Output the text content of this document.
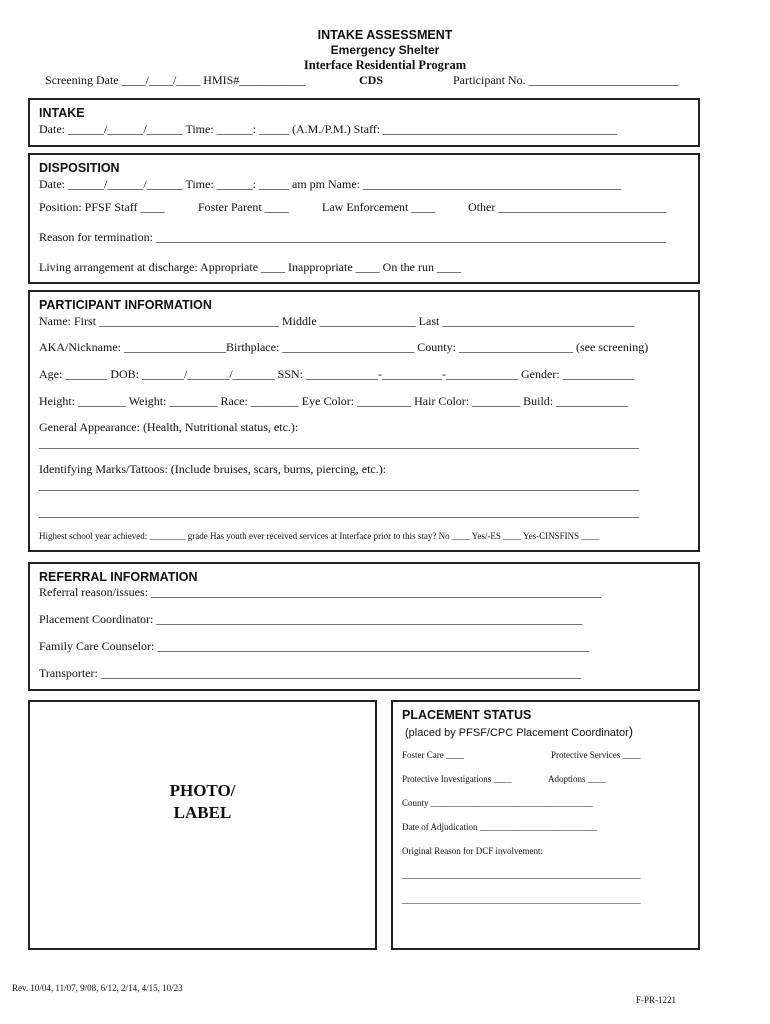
INTAKE ASSESSMENT
Emergency Shelter
Interface Residential Program
Screening Date ____/____/____ HMIS#___________	CDS	Participant No. _________________________
INTAKE
Date: ______/______/______ Time: ______: _____ (A.M./P.M.) Staff: _______________________________________
DISPOSITION
Date: ______/______/______ Time: ______: _____ am pm Name: ___________________________________________
Position: PFSF Staff ____	Foster Parent ____	Law Enforcement ____	Other ____________________________
Reason for termination: _____________________________________________________________________________________
Living arrangement at discharge: Appropriate ____ Inappropriate ____ On the run ____
PARTICIPANT INFORMATION
Name: First ______________________________ Middle ________________ Last ________________________________
AKA/Nickname: _________________Birthplace: ______________________ County: ___________________ (see screening)
Age: _______ DOB: _______/_______/_______ SSN: ____________-__________-____________ Gender: ____________
Height: ________ Weight: ________ Race: ________ Eye Color: _________ Hair Color: ________ Build: ____________
General Appearance: (Health, Nutritional status, etc.):
____________________________________________________________________________________________________
Identifying Marks/Tattoos: (Include bruises, scars, burns, piercing, etc.):
____________________________________________________________________________________________________
____________________________________________________________________________________________________
Highest school year achieved: ________ grade Has youth ever received services at Interface prior to this stay? No ____ Yes/-ES ____ Yes-CINSFINS ____
REFERRAL INFORMATION
Referral reason/issues: ___________________________________________________________________________
Placement Coordinator: _______________________________________________________________________
Family Care Counselor: ________________________________________________________________________
Transporter: ________________________________________________________________________________
PHOTO/
LABEL
PLACEMENT STATUS
(placed by PFSF/CPC Placement Coordinator)
Foster Care ____	Protective Services ____
Protective Investigations ____	Adoptions ____
County ____________________________________
Date of Adjudication __________________________
Original Reason for DCF involvement:
_____________________________________________________
_____________________________________________________
Rev. 10/04, 11/07, 9/08, 6/12, 2/14, 4/15, 10/23
F-PR-1221
